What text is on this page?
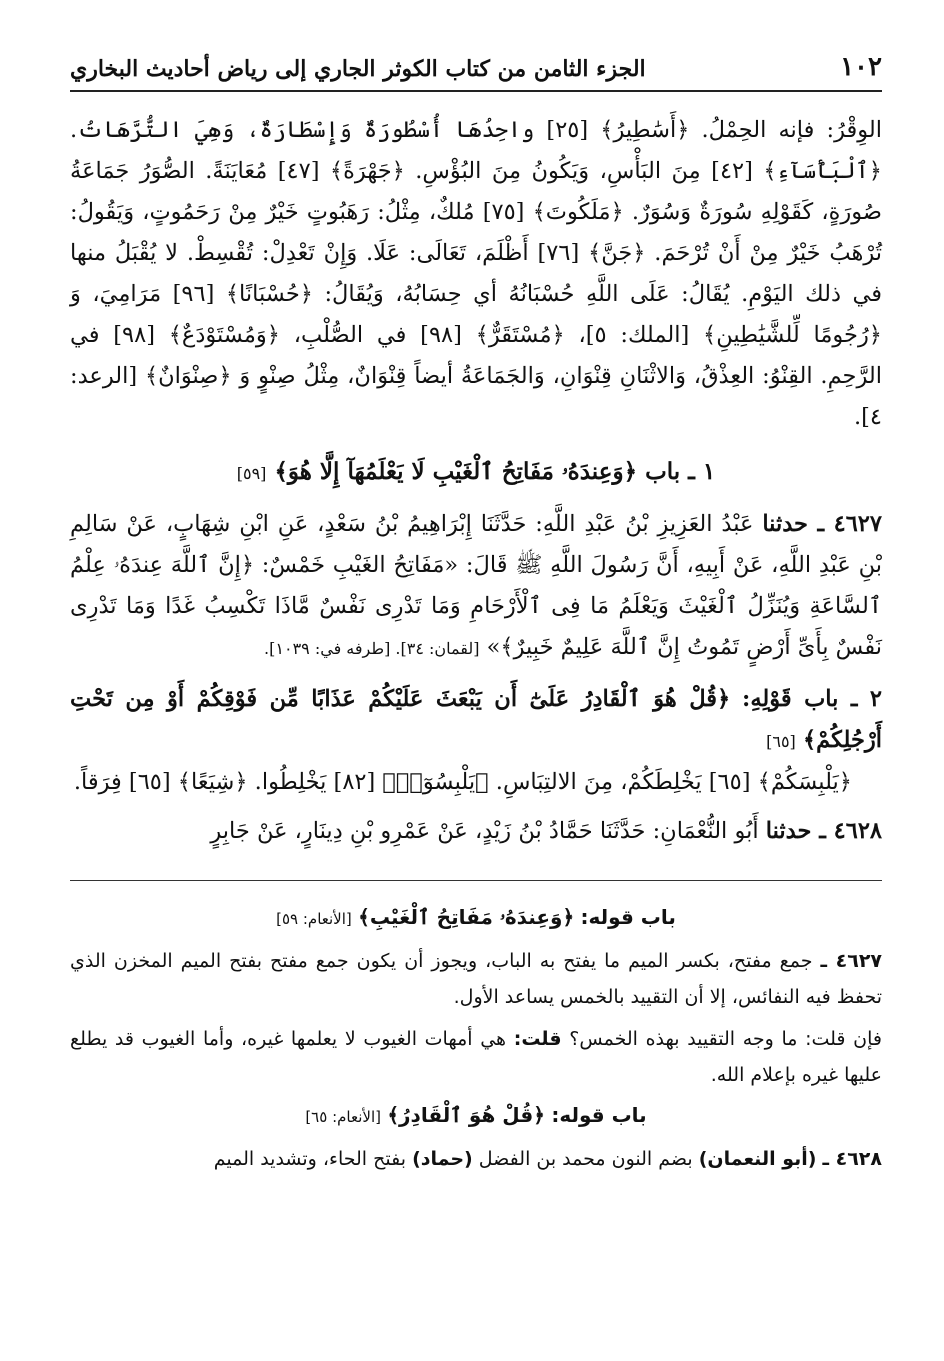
١٠٢
الجزء الثامن من كتاب الكوثر الجاري إلى رياض أحاديث البخاري

الوِقْرُ: فإنه الحِمْلُ. ﴿أَسَٰطِيرُ﴾ [٢٥] واحِدُهَا أُسْطُورَةٌ وَإِسْطَارَةٌ، وَهِيَ التُّرَّهَاتُ. ﴿ٱلْبَأْسَآءِ﴾ [٤٢] مِنَ البَأْسِ، وَيَكُونُ مِنَ البُؤْسِ. ﴿جَهْرَةً﴾ [٤٧] مُعَايَنَةً. الصُّوَرُ جَمَاعَةُ صُورَةٍ، كَقَوْلِهِ سُورَةٌ وَسُوَرٌ. ﴿مَلَكُوتَ﴾ [٧٥] مُلكٌ، مِثْلُ: رَهَبُوتٍ خَيْرٌ مِنْ رَحَمُوتٍ، وَيَقُولُ: تُرْهَبُ خَيْرٌ مِنْ أَنْ تُرْحَمَ. ﴿جَنَّ﴾ [٧٦] أَظْلَمَ، تَعَالَى: عَلَا. وَإِنْ تَعْدِلْ: تُقْسِطْ. لا يُقْبَلُ منها في ذلك اليَوْمِ. يُقَالُ: عَلَى اللَّهِ حُسْبَانُهُ أي حِسَابُهُ، وَيُقَالُ: ﴿حُسْبَانًا﴾ [٩٦] مَرَامِيَ، وَ ﴿رُجُومًا لِّلشَّيَٰطِينِ﴾ [الملك: ٥]، ﴿مُسْتَقَرٌّ﴾ [٩٨] في الصُّلْبِ، ﴿وَمُسْتَوْدَعٌ﴾ [٩٨] في الرَّحِمِ. القِنْوُ: العِذْقُ، وَالاثْنَانِ قِنْوَانِ، وَالجَمَاعَةُ أيضاً قِنْوَانٌ، مِثْلُ صِنْوٍ وَ ﴿صِنْوَانٌ﴾ [الرعد: ٤].

١ ـ باب ﴿وَعِندَهُۥ مَفَاتِحُ ٱلْغَيْبِ لَا يَعْلَمُهَآ إِلَّا هُوَ﴾ [٥٩]

٤٦٢٧ ـ حدثنا عَبْدُ العَزِيزِ بْنُ عَبْدِ اللَّهِ: حَدَّثَنَا إِبْرَاهِيمُ بْنُ سَعْدٍ، عَنِ ابْنِ شِهَابٍ، عَنْ سَالِمِ بْنِ عَبْدِ اللَّهِ، عَنْ أَبِيهِ، أَنَّ رَسُولَ اللَّهِ ﷺ قَالَ: «مَفَاتِحُ الغَيْبِ خَمْسٌ: ﴿إِنَّ ٱللَّهَ عِندَهُۥ عِلْمُ ٱلسَّاعَةِ وَيُنَزِّلُ ٱلْغَيْثَ وَيَعْلَمُ مَا فِى ٱلْأَرْحَامِ وَمَا تَدْرِى نَفْسٌ مَّاذَا تَكْسِبُ غَدًا وَمَا تَدْرِى نَفْسٌ بِأَىِّ أَرْضٍ تَمُوتُ إِنَّ ٱللَّهَ عَلِيمٌ خَبِيرٌ﴾» [لقمان: ٣٤]. [طرفه في: ١٠٣٩].

٢ ـ باب قَوْلِهِ: ﴿قُلْ هُوَ ٱلْقَادِرُ عَلَىٰٓ أَن يَبْعَثَ عَلَيْكُمْ عَذَابًا مِّن فَوْقِكُمْ أَوْ مِن تَحْتِ أَرْجُلِكُمْ﴾ [٦٥]

﴿يَلْبِسَكُمْ﴾ [٦٥] يَخْلِطَكُمْ، مِنَ الالتِبَاسِ. ﴿يَلْبِسُوٓا۟﴾ [٨٢] يَخْلِطُوا. ﴿شِيَعًا﴾ [٦٥] فِرَقاً.

٤٦٢٨ ـ حدثنا أَبُو النُّعْمَانِ: حَدَّثَنَا حَمَّادُ بْنُ زَيْدٍ، عَنْ عَمْرِو بْنِ دِينَارٍ، عَنْ جَابِرٍ

باب قوله: ﴿وَعِندَهُۥ مَفَاتِحُ ٱلْغَيْبِ﴾ [الأنعام: ٥٩]

٤٦٢٧ ـ جمع مفتح، بكسر الميم ما يفتح به الباب، ويجوز أن يكون جمع مفتح بفتح الميم المخزن الذي تحفظ فيه النفائس، إلا أن التقييد بالخمس يساعد الأول.

فإن قلت: ما وجه التقييد بهذه الخمس؟ قلت: هي أمهات الغيوب لا يعلمها غيره، وأما الغيوب قد يطلع عليها غيره بإعلام الله.

باب قوله: ﴿قُلْ هُوَ ٱلْقَادِرُ﴾ [الأنعام: ٦٥]

٤٦٢٨ ـ (أبو النعمان) بضم النون محمد بن الفضل (حماد) بفتح الحاء، وتشديد الميم
